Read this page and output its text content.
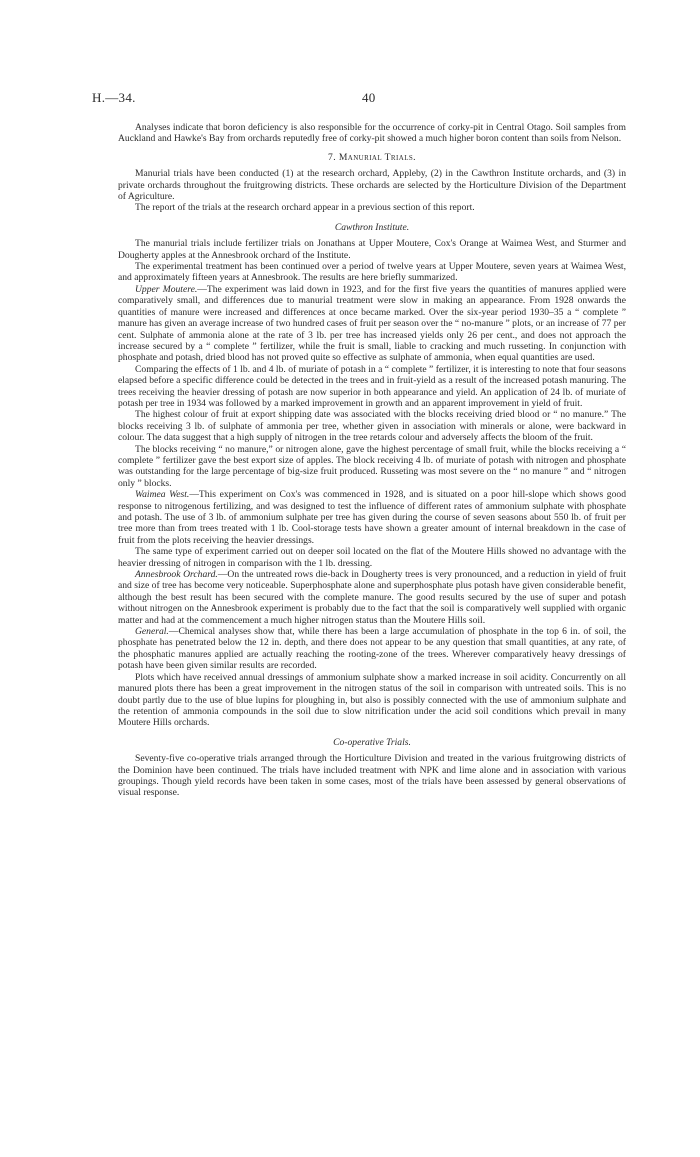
H.—34.	40

Analyses indicate that boron deficiency is also responsible for the occurrence of corky-pit in Central Otago. Soil samples from Auckland and Hawke's Bay from orchards reputedly free of corky-pit showed a much higher boron content than soils from Nelson.

7. Manurial Trials.

Manurial trials have been conducted (1) at the research orchard, Appleby, (2) in the Cawthron Institute orchards, and (3) in private orchards throughout the fruitgrowing districts. These orchards are selected by the Horticulture Division of the Department of Agriculture.

The report of the trials at the research orchard appear in a previous section of this report.

Cawthron Institute.

The manurial trials include fertilizer trials on Jonathans at Upper Moutere, Cox's Orange at Waimea West, and Sturmer and Dougherty apples at the Annesbrook orchard of the Institute.

The experimental treatment has been continued over a period of twelve years at Upper Moutere, seven years at Waimea West, and approximately fifteen years at Annesbrook. The results are here briefly summarized.

Upper Moutere.—The experiment was laid down in 1923, and for the first five years the quantities of manures applied were comparatively small, and differences due to manurial treatment were slow in making an appearance. From 1928 onwards the quantities of manure were increased and differences at once became marked. Over the six-year period 1930–35 a “ complete ” manure has given an average increase of two hundred cases of fruit per season over the “ no-manure ” plots, or an increase of 77 per cent. Sulphate of ammonia alone at the rate of 3 lb. per tree has increased yields only 26 per cent., and does not approach the increase secured by a “ complete ” fertilizer, while the fruit is small, liable to cracking and much russeting. In conjunction with phosphate and potash, dried blood has not proved quite so effective as sulphate of ammonia, when equal quantities are used.

Comparing the effects of 1 lb. and 4 lb. of muriate of potash in a “ complete ” fertilizer, it is interesting to note that four seasons elapsed before a specific difference could be detected in the trees and in fruit-yield as a result of the increased potash manuring. The trees receiving the heavier dressing of potash are now superior in both appearance and yield. An application of 24 lb. of muriate of potash per tree in 1934 was followed by a marked improvement in growth and an apparent improvement in yield of fruit.

The highest colour of fruit at export shipping date was associated with the blocks receiving dried blood or “ no manure.” The blocks receiving 3 lb. of sulphate of ammonia per tree, whether given in association with minerals or alone, were backward in colour. The data suggest that a high supply of nitrogen in the tree retards colour and adversely affects the bloom of the fruit.

The blocks receiving “ no manure,” or nitrogen alone, gave the highest percentage of small fruit, while the blocks receiving a “ complete ” fertilizer gave the best export size of apples. The block receiving 4 lb. of muriate of potash with nitrogen and phosphate was outstanding for the large percentage of big-size fruit produced. Russeting was most severe on the “ no manure ” and “ nitrogen only ” blocks.

Waimea West.—This experiment on Cox's was commenced in 1928, and is situated on a poor hill-slope which shows good response to nitrogenous fertilizing, and was designed to test the influence of different rates of ammonium sulphate with phosphate and potash. The use of 3 lb. of ammonium sulphate per tree has given during the course of seven seasons about 550 lb. of fruit per tree more than from trees treated with 1 lb. Cool-storage tests have shown a greater amount of internal breakdown in the case of fruit from the plots receiving the heavier dressings.

The same type of experiment carried out on deeper soil located on the flat of the Moutere Hills showed no advantage with the heavier dressing of nitrogen in comparison with the 1 lb. dressing.

Annesbrook Orchard.—On the untreated rows die-back in Dougherty trees is very pronounced, and a reduction in yield of fruit and size of tree has become very noticeable. Superphosphate alone and superphosphate plus potash have given considerable benefit, although the best result has been secured with the complete manure. The good results secured by the use of super and potash without nitrogen on the Annesbrook experiment is probably due to the fact that the soil is comparatively well supplied with organic matter and had at the commencement a much higher nitrogen status than the Moutere Hills soil.

General.—Chemical analyses show that, while there has been a large accumulation of phosphate in the top 6 in. of soil, the phosphate has penetrated below the 12 in. depth, and there does not appear to be any question that small quantities, at any rate, of the phosphatic manures applied are actually reaching the rooting-zone of the trees. Wherever comparatively heavy dressings of potash have been given similar results are recorded.

Plots which have received annual dressings of ammonium sulphate show a marked increase in soil acidity. Concurrently on all manured plots there has been a great improvement in the nitrogen status of the soil in comparison with untreated soils. This is no doubt partly due to the use of blue lupins for ploughing in, but also is possibly connected with the use of ammonium sulphate and the retention of ammonia compounds in the soil due to slow nitrification under the acid soil conditions which prevail in many Moutere Hills orchards.

Co-operative Trials.

Seventy-five co-operative trials arranged through the Horticulture Division and treated in the various fruitgrowing districts of the Dominion have been continued. The trials have included treatment with NPK and lime alone and in association with various groupings. Though yield records have been taken in some cases, most of the trials have been assessed by general observations of visual response.
